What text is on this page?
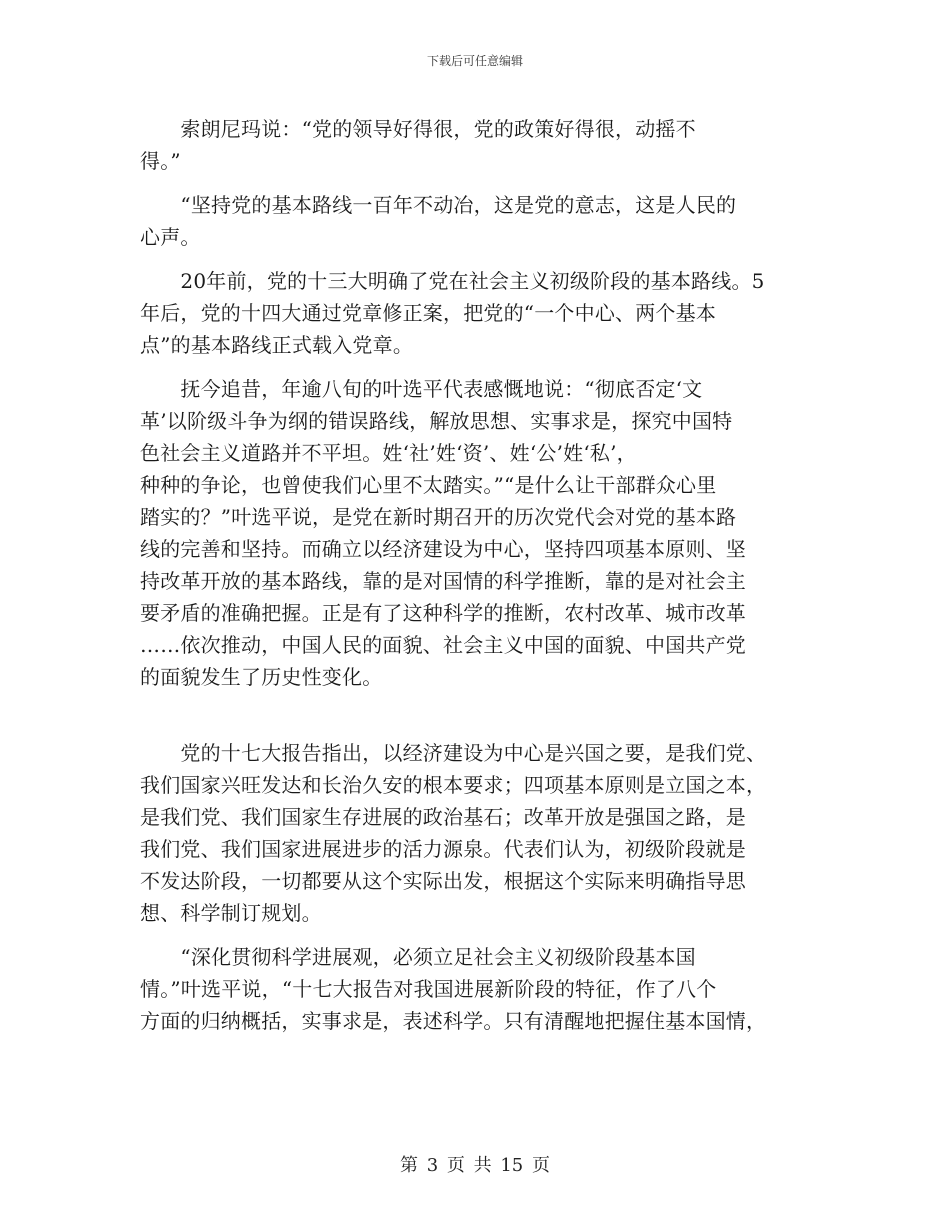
下载后可任意编辑
　　索朗尼玛说：“党的领导好得很，党的政策好得很，动摇不
得。”
　　“坚持党的基本路线一百年不动冶，这是党的意志，这是人民的
心声。
　　20年前，党的十三大明确了党在社会主义初级阶段的基本路线。5
年后，党的十四大通过党章修正案，把党的“一个中心、两个基本
点”的基本路线正式载入党章。
　　抚今追昔，年逾八旬的叶选平代表感慨地说：“彻底否定‘文
革’以阶级斗争为纲的错误路线，解放思想、实事求是，探究中国特
色社会主义道路并不平坦。姓‘社’姓‘资’、姓‘公’姓‘私’，
种种的争论，也曾使我们心里不太踏实。”“是什么让干部群众心里
踏实的？”叶选平说，是党在新时期召开的历次党代会对党的基本路
线的完善和坚持。而确立以经济建设为中心，坚持四项基本原则、坚
持改革开放的基本路线，靠的是对国情的科学推断，靠的是对社会主
要矛盾的准确把握。正是有了这种科学的推断，农村改革、城市改革
……依次推动，中国人民的面貌、社会主义中国的面貌、中国共产党
的面貌发生了历史性变化。
　　党的十七大报告指出，以经济建设为中心是兴国之要，是我们党、
我们国家兴旺发达和长治久安的根本要求；四项基本原则是立国之本，
是我们党、我们国家生存进展的政治基石；改革开放是强国之路，是
我们党、我们国家进展进步的活力源泉。代表们认为，初级阶段就是
不发达阶段，一切都要从这个实际出发，根据这个实际来明确指导思
想、科学制订规划。
　　“深化贯彻科学进展观，必须立足社会主义初级阶段基本国
情。”叶选平说，“十七大报告对我国进展新阶段的特征，作了八个
方面的归纳概括，实事求是，表述科学。只有清醒地把握住基本国情，
第 3 页 共 15 页
